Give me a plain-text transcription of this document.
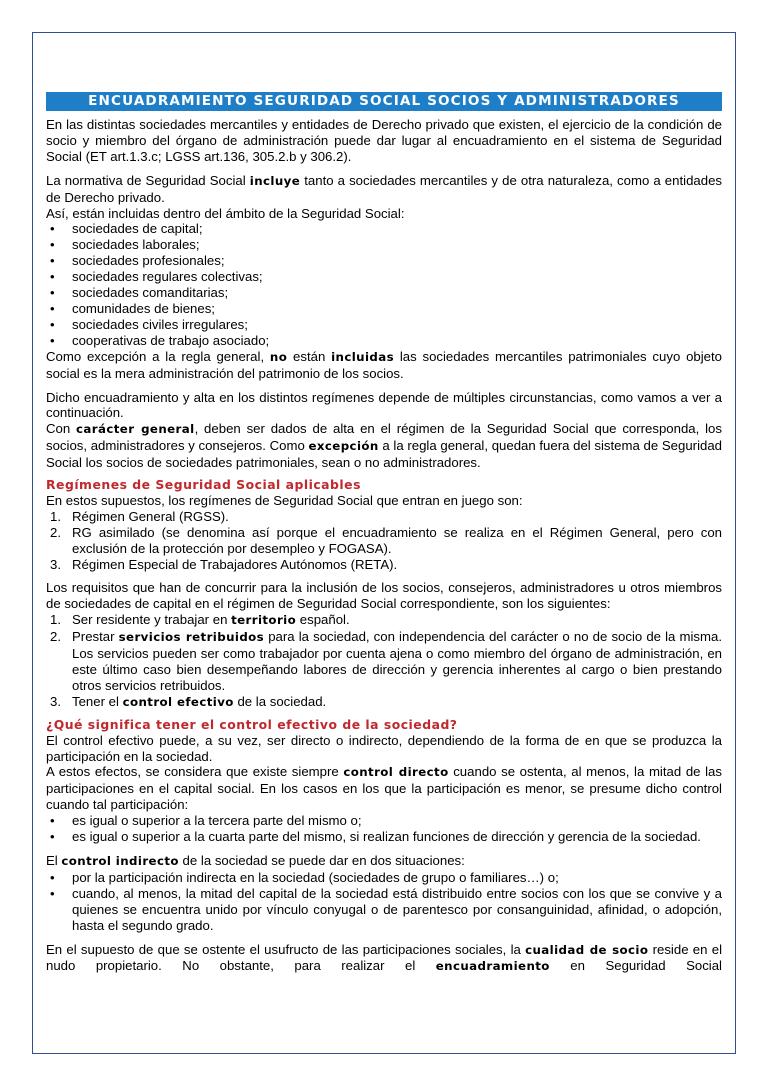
ENCUADRAMIENTO SEGURIDAD SOCIAL SOCIOS Y ADMINISTRADORES

En las distintas sociedades mercantiles y entidades de Derecho privado que existen, el ejercicio de la condición de socio y miembro del órgano de administración puede dar lugar al encuadramiento en el sistema de Seguridad Social (ET art.1.3.c; LGSS art.136, 305.2.b y 306.2).

La normativa de Seguridad Social incluye tanto a sociedades mercantiles y de otra naturaleza, como a entidades de Derecho privado.

Así, están incluidas dentro del ámbito de la Seguridad Social:

• sociedades de capital;
• sociedades laborales;
• sociedades profesionales;
• sociedades regulares colectivas;
• sociedades comanditarias;
• comunidades de bienes;
• sociedades civiles irregulares;
• cooperativas de trabajo asociado;

Como excepción a la regla general, no están incluidas las sociedades mercantiles patrimoniales cuyo objeto social es la mera administración del patrimonio de los socios.

Dicho encuadramiento y alta en los distintos regímenes depende de múltiples circunstancias, como vamos a ver a continuación.

Con carácter general, deben ser dados de alta en el régimen de la Seguridad Social que corresponda, los socios, administradores y consejeros. Como excepción a la regla general, quedan fuera del sistema de Seguridad Social los socios de sociedades patrimoniales, sean o no administradores.

Regímenes de Seguridad Social aplicables

En estos supuestos, los regímenes de Seguridad Social que entran en juego son:

1. Régimen General (RGSS).
2. RG asimilado (se denomina así porque el encuadramiento se realiza en el Régimen General, pero con exclusión de la protección por desempleo y FOGASA).
3. Régimen Especial de Trabajadores Autónomos (RETA).

Los requisitos que han de concurrir para la inclusión de los socios, consejeros, administradores u otros miembros de sociedades de capital en el régimen de Seguridad Social correspondiente, son los siguientes:

1. Ser residente y trabajar en territorio español.
2. Prestar servicios retribuidos para la sociedad, con independencia del carácter o no de socio de la misma. Los servicios pueden ser como trabajador por cuenta ajena o como miembro del órgano de administración, en este último caso bien desempeñando labores de dirección y gerencia inherentes al cargo o bien prestando otros servicios retribuidos.
3. Tener el control efectivo de la sociedad.
¿Qué significa tener el control efectivo de la sociedad?

El control efectivo puede, a su vez, ser directo o indirecto, dependiendo de la forma de en que se produzca la participación en la sociedad.

A estos efectos, se considera que existe siempre control directo cuando se ostenta, al menos, la mitad de las participaciones en el capital social. En los casos en los que la participación es menor, se presume dicho control cuando tal participación:

• es igual o superior a la tercera parte del mismo o;
• es igual o superior a la cuarta parte del mismo, si realizan funciones de dirección y gerencia de la sociedad.

El control indirecto de la sociedad se puede dar en dos situaciones:

• por la participación indirecta en la sociedad (sociedades de grupo o familiares…) o;
• cuando, al menos, la mitad del capital de la sociedad está distribuido entre socios con los que se convive y a quienes se encuentra unido por vínculo conyugal o de parentesco por consanguinidad, afinidad, o adopción, hasta el segundo grado.

En el supuesto de que se ostente el usufructo de las participaciones sociales, la cualidad de socio reside en el nudo propietario. No obstante, para realizar el encuadramiento en Seguridad Social
